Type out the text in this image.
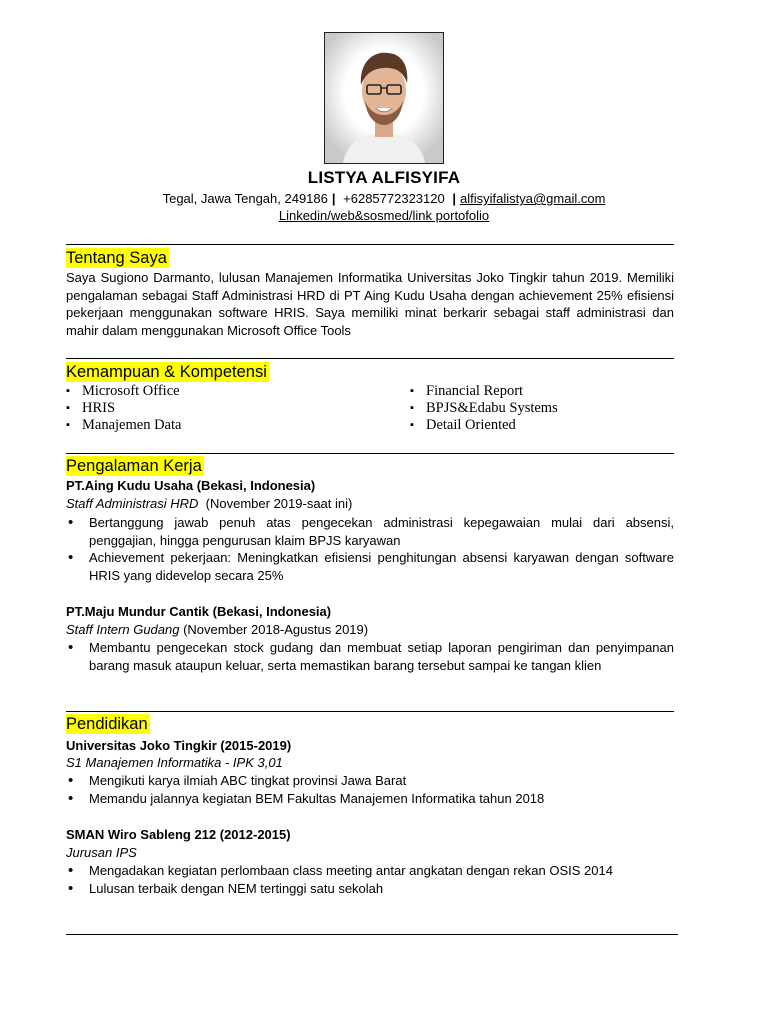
LISTYA ALFISYIFA
Tegal, Jawa Tengah, 249186 | +6285772323120 | alfisyifalistya@gmail.com
Linkedin/web&sosmed/link portofolio
Tentang Saya
Saya Sugiono Darmanto, lulusan Manajemen Informatika Universitas Joko Tingkir tahun 2019. Memiliki pengalaman sebagai Staff Administrasi HRD di PT Aing Kudu Usaha dengan achievement 25% efisiensi pekerjaan menggunakan software HRIS. Saya memiliki minat berkarir sebagai staff administrasi dan mahir dalam menggunakan Microsoft Office Tools
Kemampuan & Kompetensi
▪ Microsoft Office
▪ HRIS
▪ Manajemen Data
▪ Financial Report
▪ BPJS&Edabu Systems
▪ Detail Oriented
Pengalaman Kerja
PT.Aing Kudu Usaha (Bekasi, Indonesia)
Staff Administrasi HRD (November 2019-saat ini)
• Bertanggung jawab penuh atas pengecekan administrasi kepegawaian mulai dari absensi, penggajian, hingga pengurusan klaim BPJS karyawan
• Achievement pekerjaan: Meningkatkan efisiensi penghitungan absensi karyawan dengan software HRIS yang didevelop secara 25%
PT.Maju Mundur Cantik (Bekasi, Indonesia)
Staff Intern Gudang (November 2018-Agustus 2019)
• Membantu pengecekan stock gudang dan membuat setiap laporan pengiriman dan penyimpanan barang masuk ataupun keluar, serta memastikan barang tersebut sampai ke tangan klien
Pendidikan
Universitas Joko Tingkir (2015-2019)
S1 Manajemen Informatika - IPK 3,01
• Mengikuti karya ilmiah ABC tingkat provinsi Jawa Barat
• Memandu jalannya kegiatan BEM Fakultas Manajemen Informatika tahun 2018
SMAN Wiro Sableng 212 (2012-2015)
Jurusan IPS
• Mengadakan kegiatan perlombaan class meeting antar angkatan dengan rekan OSIS 2014
• Lulusan terbaik dengan NEM tertinggi satu sekolah
